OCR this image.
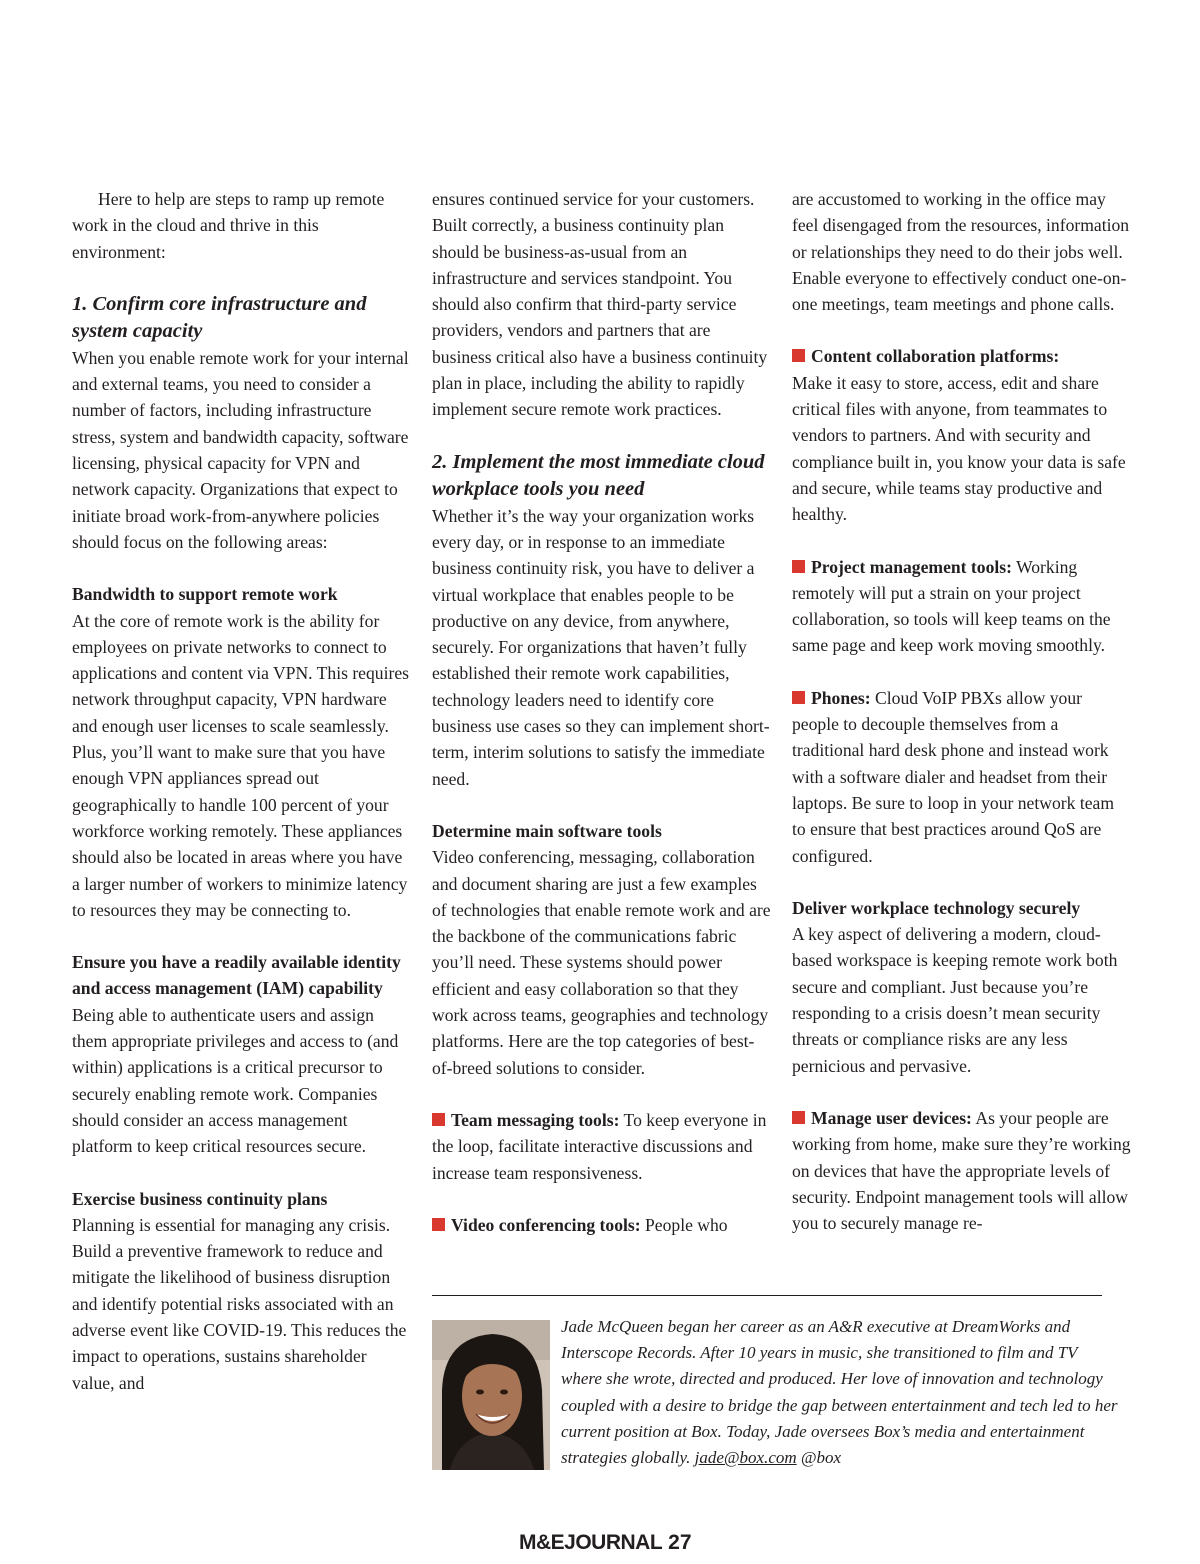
Here to help are steps to ramp up remote work in the cloud and thrive in this environment:

1. Confirm core infrastructure and system capacity

When you enable remote work for your internal and external teams, you need to consider a number of factors, including infrastructure stress, system and bandwidth capacity, software licensing, physical capacity for VPN and network capacity. Organizations that expect to initiate broad work-from-anywhere policies should focus on the following areas:

Bandwidth to support remote work

At the core of remote work is the ability for employees on private networks to connect to applications and content via VPN. This requires network throughput capacity, VPN hardware and enough user licenses to scale seamlessly. Plus, you’ll want to make sure that you have enough VPN appliances spread out geographically to handle 100 percent of your workforce working remotely. These appliances should also be located in areas where you have a larger number of workers to minimize latency to resources they may be connecting to.

Ensure you have a readily available identity and access management (IAM) capability

Being able to authenticate users and assign them appropriate privileges and access to (and within) applications is a critical precursor to securely enabling remote work. Companies should consider an access management platform to keep critical resources secure.

Exercise business continuity plans

Planning is essential for managing any crisis. Build a preventive framework to reduce and mitigate the likelihood of business disruption and identify potential risks associated with an adverse event like COVID-19. This reduces the impact to operations, sustains shareholder value, and

ensures continued service for your customers. Built correctly, a business continuity plan should be business-as-usual from an infrastructure and services standpoint. You should also confirm that third-party service providers, vendors and partners that are business critical also have a business continuity plan in place, including the ability to rapidly implement secure remote work practices.

2. Implement the most immediate cloud workplace tools you need

Whether it’s the way your organization works every day, or in response to an immediate business continuity risk, you have to deliver a virtual workplace that enables people to be productive on any device, from anywhere, securely. For organizations that haven’t fully established their remote work capabilities, technology leaders need to identify core business use cases so they can implement short-term, interim solutions to satisfy the immediate need.

Determine main software tools

Video conferencing, messaging, collaboration and document sharing are just a few examples of technologies that enable remote work and are the backbone of the communications fabric you’ll need. These systems should power efficient and easy collaboration so that they work across teams, geographies and technology platforms. Here are the top categories of best-of-breed solutions to consider.

Team messaging tools: To keep everyone in the loop, facilitate interactive discussions and increase team responsiveness.

Video conferencing tools: People who

are accustomed to working in the office may feel disengaged from the resources, information or relationships they need to do their jobs well. Enable everyone to effectively conduct one-on-one meetings, team meetings and phone calls.

Content collaboration platforms:
Make it easy to store, access, edit and share critical files with anyone, from teammates to vendors to partners. And with security and compliance built in, you know your data is safe and secure, while teams stay productive and healthy.

Project management tools: Working remotely will put a strain on your project collaboration, so tools will keep teams on the same page and keep work moving smoothly.

Phones: Cloud VoIP PBXs allow your people to decouple themselves from a traditional hard desk phone and instead work with a software dialer and headset from their laptops. Be sure to loop in your network team to ensure that best practices around QoS are configured.

Deliver workplace technology securely

A key aspect of delivering a modern, cloud-based workspace is keeping remote work both secure and compliant. Just because you’re responding to a crisis doesn’t mean security threats or compliance risks are any less pernicious and pervasive.

Manage user devices: As your people are working from home, make sure they’re working on devices that have the appropriate levels of security. Endpoint management tools will allow you to securely manage re-

Jade McQueen began her career as an A&R executive at DreamWorks and Interscope Records. After 10 years in music, she transitioned to film and TV where she wrote, directed and produced. Her love of innovation and technology coupled with a desire to bridge the gap between entertainment and tech led to her current position at Box. Today, Jade oversees Box’s media and entertainment strategies globally. jade@box.com @box
M&EJOURNAL 27
